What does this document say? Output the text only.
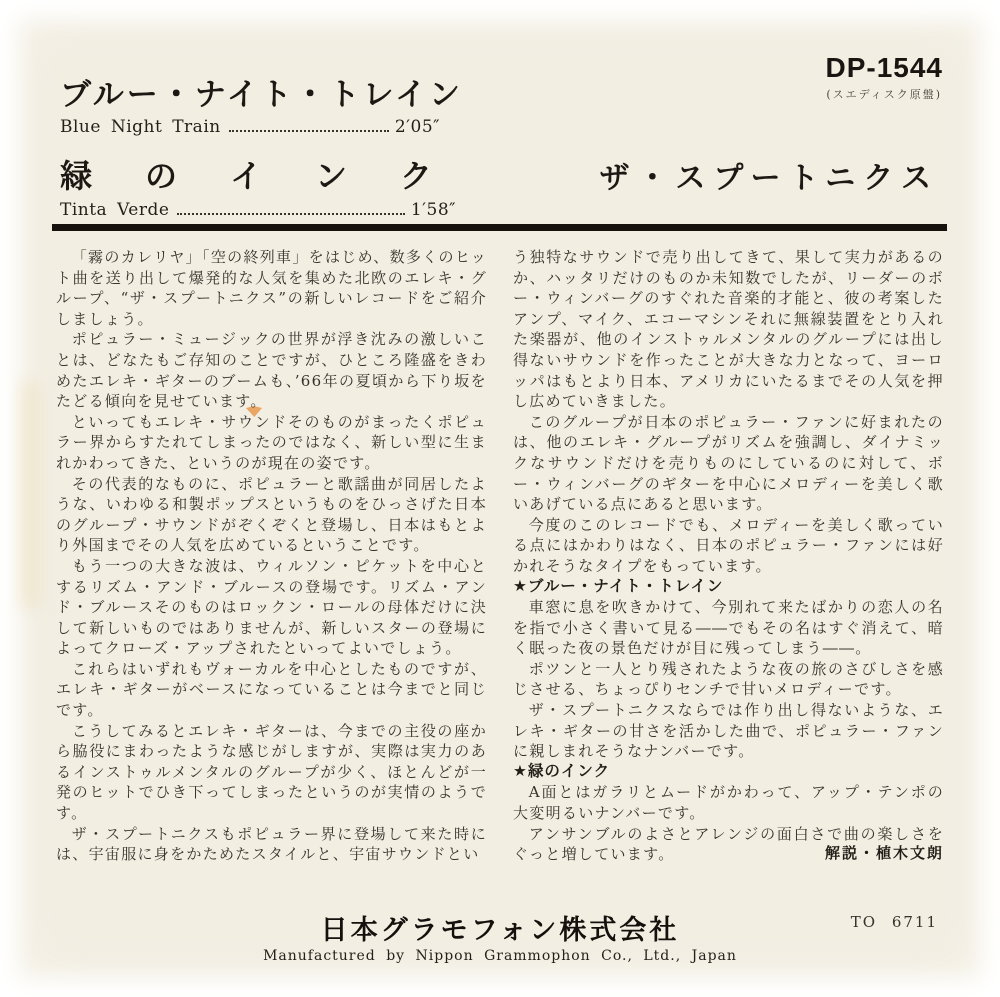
DP-1544
(スエディスク原盤)
ブルー・ナイト・トレイン
Blue Night Train	2′05″
緑 の イ ン ク
Tinta Verde	1′58″
ザ・スプートニクス

「霧のカレリヤ」「空の終列車」をはじめ、数多くのヒット曲を送り出して爆発的な人気を集めた北欧のエレキ・グループ、“ザ・スプートニクス”の新しいレコードをご紹介しましょう。

ポピュラー・ミュージックの世界が浮き沈みの激しいことは、どなたもご存知のことですが、ひところ隆盛をきわめたエレキ・ギターのブームも、’66年の夏頃から下り坂をたどる傾向を見せています。

といってもエレキ・サウンドそのものがまったくポピュラー界からすたれてしまったのではなく、新しい型に生まれかわってきた、というのが現在の姿です。

その代表的なものに、ポピュラーと歌謡曲が同居したような、いわゆる和製ポップスというものをひっさげた日本のグループ・サウンドがぞくぞくと登場し、日本はもとより外国までその人気を広めているということです。

もう一つの大きな波は、ウィルソン・ピケットを中心とするリズム・アンド・ブルースの登場です。リズム・アンド・ブルースそのものはロックン・ロールの母体だけに決して新しいものではありませんが、新しいスターの登場によってクローズ・アップされたといってよいでしょう。

これらはいずれもヴォーカルを中心としたものですが、エレキ・ギターがベースになっていることは今までと同じです。

こうしてみるとエレキ・ギターは、今までの主役の座から脇役にまわったような感じがしますが、実際は実力のあるインストゥルメンタルのグループが少く、ほとんどが一発のヒットでひき下ってしまったというのが実情のようです。

ザ・スプートニクスもポピュラー界に登場して来た時には、宇宙服に身をかためたスタイルと、宇宙サウンドとい

う独特なサウンドで売り出してきて、果して実力があるのか、ハッタリだけのものか未知数でしたが、リーダーのボー・ウィンバーグのすぐれた音楽的才能と、彼の考案したアンプ、マイク、エコーマシンそれに無線装置をとり入れた楽器が、他のインストゥルメンタルのグループには出し得ないサウンドを作ったことが大きな力となって、ヨーロッパはもとより日本、アメリカにいたるまでその人気を押し広めていきました。

このグループが日本のポピュラー・ファンに好まれたのは、他のエレキ・グループがリズムを強調し、ダイナミックなサウンドだけを売りものにしているのに対して、ボー・ウィンバーグのギターを中心にメロディーを美しく歌いあげている点にあると思います。

今度のこのレコードでも、メロディーを美しく歌っている点にはかわりはなく、日本のポピュラー・ファンには好かれそうなタイプをもっています。

★ブルー・ナイト・トレイン

車窓に息を吹きかけて、今別れて来たばかりの恋人の名を指で小さく書いて見る――でもその名はすぐ消えて、暗く眠った夜の景色だけが目に残ってしまう――。

ポツンと一人とり残されたような夜の旅のさびしさを感じさせる、ちょっぴりセンチで甘いメロディーです。

ザ・スプートニクスならでは作り出し得ないような、エレキ・ギターの甘さを活かした曲で、ポピュラー・ファンに親しまれそうなナンバーです。

★緑のインク

A面とはガラリとムードがかわって、アップ・テンポの大変明るいナンバーです。

アンサンブルのよさとアレンジの面白さで曲の楽しさをぐっと増しています。	解説・植木文朗

日本グラモフォン株式会社
Manufactured by Nippon Grammophon Co., Ltd., Japan
TO 6711
